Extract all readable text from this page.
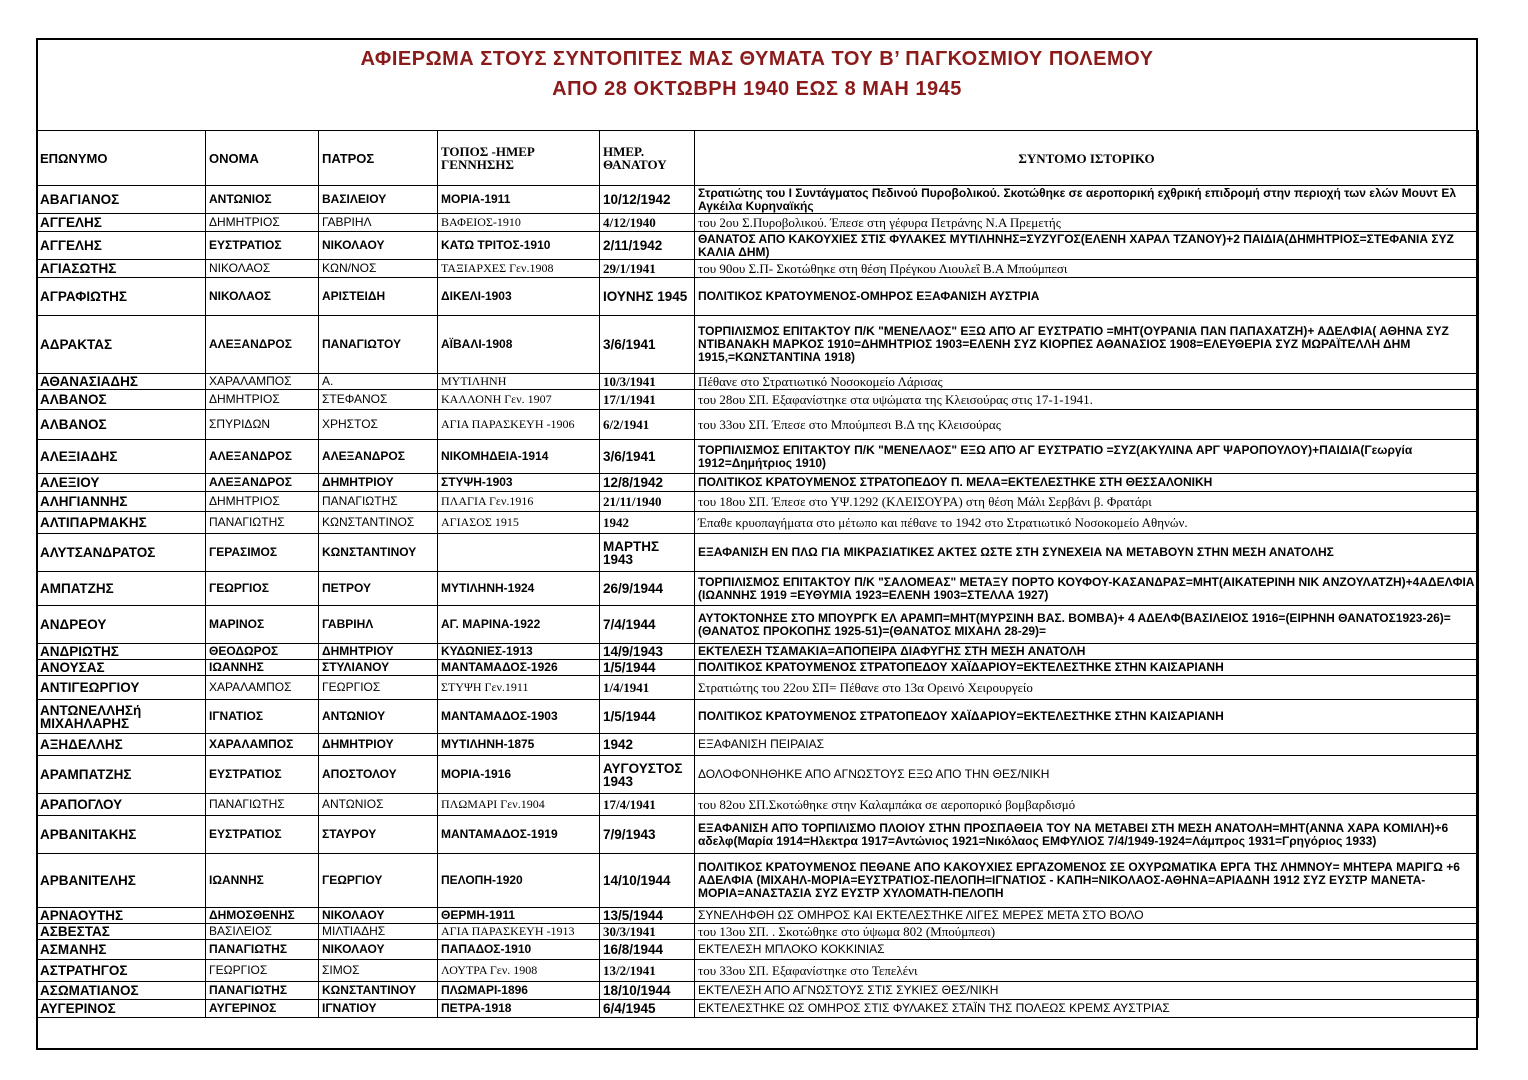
ΑΦΙΕΡΩΜΑ ΣΤΟΥΣ ΣΥΝΤΟΠΙΤΕΣ ΜΑΣ ΘΥΜΑΤΑ ΤΟΥ Β’ ΠΑΓΚΟΣΜΙΟΥ ΠΟΛΕΜΟΥ
ΑΠΟ 28 ΟΚΤΩΒΡΗ 1940 ΕΩΣ 8 ΜΑΗ 1945
ΕΠΩΝΥΜΟ	ΟΝΟΜΑ	ΠΑΤΡΟΣ	ΤΟΠΟΣ -ΗΜΕΡ ΓΕΝΝΗΣΗΣ	ΗΜΕΡ. ΘΑΝΑΤΟΥ	ΣΥΝΤΟΜΟ ΙΣΤΟΡΙΚΟ
ΑΒΑΓΙΑΝΟΣ	ΑΝΤΩΝΙΟΣ	ΒΑΣΙΛΕΙΟΥ	ΜΟΡΙΑ-1911	10/12/1942	Στρατιώτης του Ι Συντάγματος Πεδινού Πυροβολικού. Σκοτώθηκε σε αεροπορική εχθρική επιδρομή στην περιοχή των ελών Μουντ Ελ Αγκέιλα Κυρηναϊκής
ΑΓΓΕΛΗΣ	ΔΗΜΗΤΡΙΟΣ	ΓΑΒΡΙΗΛ	ΒΑΦΕΙΟΣ-1910	4/12/1940	του 2ου Σ.Πυροβολικού. Έπεσε στη γέφυρα Πετράνης Ν.Α Πρεμετής
ΑΓΓΕΛΗΣ	ΕΥΣΤΡΑΤΙΟΣ	ΝΙΚΟΛΑΟΥ	ΚΑΤΩ ΤΡΙΤΟΣ-1910	2/11/1942	ΘΑΝΑΤΟΣ ΑΠΟ ΚΑΚΟΥΧΙΕΣ ΣΤΙΣ ΦΥΛΑΚΕΣ ΜΥΤΙΛΗΝΗΣ=ΣΥΖΥΓΟΣ(ΕΛΕΝΗ ΧΑΡΑΛ ΤΖΑΝΟΥ)+2 ΠΑΙΔΙΑ(ΔΗΜΗΤΡΙΟΣ=ΣΤΕΦΑΝΙΑ ΣΥΖ ΚΑΛΙΑ ΔΗΜ)
ΑΓΙΑΣΩΤΗΣ	ΝΙΚΟΛΑΟΣ	ΚΩΝ/ΝΟΣ	ΤΑΞΙΑΡΧΕΣ Γεν.1908	29/1/1941	του 90ου Σ.Π- Σκοτώθηκε στη θέση Πρέγκου Λιουλεΐ Β.Α Μπούμπεσι
ΑΓΡΑΦΙΩΤΗΣ	ΝΙΚΟΛΑΟΣ	ΑΡΙΣΤΕΙΔΗ	ΔΙΚΕΛΙ-1903	ΙΟΥΝΗΣ 1945	ΠΟΛΙΤΙΚΟΣ ΚΡΑΤΟΥΜΕΝΟΣ-ΟΜΗΡΟΣ ΕΞΑΦΑΝΙΣΗ ΑΥΣΤΡΙΑ
ΑΔΡΑΚΤΑΣ	ΑΛΕΞΑΝΔΡΟΣ	ΠΑΝΑΓΙΩΤΟΥ	ΑΪΒΑΛΙ-1908	3/6/1941	ΤΟΡΠΙΛΙΣΜΟΣ ΕΠΙΤΑΚΤΟΥ Π/Κ "ΜΕΝΕΛΑΟΣ" ΕΞΩ ΑΠΌ ΑΓ ΕΥΣΤΡΑΤΙΟ =ΜΗΤ(ΟΥΡΑΝΙΑ ΠΑΝ ΠΑΠΑΧΑΤΖΗ)+ ΑΔΕΛΦΙΑ( ΑΘΗΝΑ ΣΥΖ ΝΤΙΒΑΝΑΚΗ ΜΑΡΚΟΣ 1910=ΔΗΜΗΤΡΙΟΣ 1903=ΕΛΕΝΗ ΣΥΖ ΚΙΟΡΠΕΣ ΑΘΑΝΑΣΙΟΣ 1908=ΕΛΕΥΘΕΡΙΑ ΣΥΖ ΜΩΡΑΪΤΕΛΛΗ ΔΗΜ 1915,=ΚΩΝΣΤΑΝΤΙΝΑ 1918)
ΑΘΑΝΑΣΙΑΔΗΣ	ΧΑΡΑΛΑΜΠΟΣ	Α.	ΜΥΤΙΛΗΝΗ	10/3/1941	Πέθανε στο Στρατιωτικό Νοσοκομείο Λάρισας
ΑΛΒΑΝΟΣ	ΔΗΜΗΤΡΙΟΣ	ΣΤΕΦΑΝΟΣ	ΚΑΛΛΟΝΗ Γεν. 1907	17/1/1941	του 28ου ΣΠ. Εξαφανίστηκε στα υψώματα της Κλεισούρας στις 17-1-1941.
ΑΛΒΑΝΟΣ	ΣΠΥΡΙΔΩΝ	ΧΡΗΣΤΟΣ	ΑΓΙΑ ΠΑΡΑΣΚΕΥΗ -1906	6/2/1941	του 33ου ΣΠ. Έπεσε στο Μπούμπεσι Β.Δ της Κλεισούρας
ΑΛΕΞΙΑΔΗΣ	ΑΛΕΞΑΝΔΡΟΣ	ΑΛΕΞΑΝΔΡΟΣ	ΝΙΚΟΜΗΔΕΙΑ-1914	3/6/1941	ΤΟΡΠΙΛΙΣΜΟΣ ΕΠΙΤΑΚΤΟΥ Π/Κ "ΜΕΝΕΛΑΟΣ" ΕΞΩ ΑΠΌ ΑΓ ΕΥΣΤΡΑΤΙΟ =ΣΥΖ(ΑΚΥΛΙΝΑ ΑΡΓ ΨΑΡΟΠΟΥΛΟΥ)+ΠΑΙΔΙΑ(Γεωργία 1912=Δημήτριος 1910)
ΑΛΕΞΙΟΥ	ΑΛΕΞΑΝΔΡΟΣ	ΔΗΜΗΤΡΙΟΥ	ΣΤΥΨΗ-1903	12/8/1942	ΠΟΛΙΤΙΚΟΣ ΚΡΑΤΟΥΜΕΝΟΣ ΣΤΡΑΤΟΠΕΔΟΥ Π. ΜΕΛΑ=ΕΚΤΕΛΕΣΤΗΚΕ ΣΤΗ ΘΕΣΣΑΛΟΝΙΚΗ
ΑΛΗΓΙΑΝΝΗΣ	ΔΗΜΗΤΡΙΟΣ	ΠΑΝΑΓΙΩΤΗΣ	ΠΛΑΓΙΑ Γεν.1916	21/11/1940	του 18ου ΣΠ. Έπεσε στο ΥΨ.1292 (ΚΛΕΙΣΟΥΡΑ) στη θέση Μάλι Σερβάνι β. Φρατάρι
ΑΛΤΙΠΑΡΜΑΚΗΣ	ΠΑΝΑΓΙΩΤΗΣ	ΚΩΝΣΤΑΝΤΙΝΟΣ	ΑΓΙΑΣΟΣ 1915	1942	Έπαθε κρυοπαγήματα στο μέτωπο και πέθανε το 1942 στο Στρατιωτικό Νοσοκομείο Αθηνών.
ΑΛΥΤΣΑΝΔΡΑΤΟΣ	ΓΕΡΑΣΙΜΟΣ	ΚΩΝΣΤΑΝΤΙΝΟΥ		ΜΑΡΤΗΣ 1943	ΕΞΑΦΑΝΙΣΗ ΕΝ ΠΛΩ ΓΙΑ ΜΙΚΡΑΣΙΑΤΙΚΕΣ ΑΚΤΕΣ ΩΣΤΕ ΣΤΗ ΣΥΝΕΧΕΙΑ ΝΑ ΜΕΤΑΒΟΥΝ ΣΤΗΝ ΜΕΣΗ ΑΝΑΤΟΛΗΣ
ΑΜΠΑΤΖΗΣ	ΓΕΩΡΓΙΟΣ	ΠΕΤΡΟΥ	ΜΥΤΙΛΗΝΗ-1924	26/9/1944	ΤΟΡΠΙΛΙΣΜΟΣ ΕΠΙΤΑΚΤΟΥ Π/Κ "ΣΑΛΟΜΕΑΣ" ΜΕΤΑΞΥ ΠΟΡΤΟ ΚΟΥΦΟΥ-ΚΑΣΑΝΔΡΑΣ=ΜΗΤ(ΑΙΚΑΤΕΡΙΝΗ ΝΙΚ ΑΝΖΟΥΛΑΤΖΗ)+4ΑΔΕΛΦΙΑ (ΙΩΑΝΝΗΣ 1919 =ΕΥΘΥΜΙΑ 1923=ΕΛΕΝΗ 1903=ΣΤΕΛΛΑ 1927)
ΑΝΔΡΕΟΥ	ΜΑΡΙΝΟΣ	ΓΑΒΡΙΗΛ	ΑΓ. ΜΑΡΙΝΑ-1922	7/4/1944	ΑΥΤΟΚΤΟΝΗΣΕ ΣΤΟ ΜΠΟΥΡΓΚ ΕΛ ΑΡΑΜΠ=ΜΗΤ(ΜΥΡΣΙΝΗ ΒΑΣ. ΒΟΜΒΑ)+ 4 ΑΔΕΛΦ(ΒΑΣΙΛΕΙΟΣ 1916=(ΕΙΡΗΝΗ ΘΑΝΑΤΟΣ1923-26)=(ΘΑΝΑΤΟΣ ΠΡΟΚΟΠΗΣ 1925-51)=(ΘΑΝΑΤΟΣ ΜΙΧΑΗΛ 28-29)=
ΑΝΔΡΙΩΤΗΣ	ΘΕΟΔΩΡΟΣ	ΔΗΜΗΤΡΙΟΥ	ΚΥΔΩΝΙΕΣ-1913	14/9/1943	ΕΚΤΕΛΕΣΗ ΤΣΑΜΑΚΙΑ=ΑΠΟΠΕΙΡΑ ΔΙΑΦΥΓΗΣ ΣΤΗ ΜΕΣΗ ΑΝΑΤΟΛΗ
ΑΝΟΥΣΑΣ	ΙΩΑΝΝΗΣ	ΣΤΥΛΙΑΝΟΥ	ΜΑΝΤΑΜΑΔΟΣ-1926	1/5/1944	ΠΟΛΙΤΙΚΟΣ ΚΡΑΤΟΥΜΕΝΟΣ ΣΤΡΑΤΟΠΕΔΟΥ ΧΑΪΔΑΡΙΟΥ=ΕΚΤΕΛΕΣΤΗΚΕ ΣΤΗΝ ΚΑΙΣΑΡΙΑΝΗ
ΑΝΤΙΓΕΩΡΓΙΟΥ	ΧΑΡΑΛΑΜΠΟΣ	ΓΕΩΡΓΙΟΣ	ΣΤΥΨΗ Γεν.1911	1/4/1941	Στρατιώτης του 22ου ΣΠ= Πέθανε στο 13α Ορεινό Χειρουργείο
ΑΝΤΩΝΕΛΛΗΣή ΜΙΧΑΗΛΑΡΗΣ	ΙΓΝΑΤΙΟΣ	ΑΝΤΩΝΙΟΥ	ΜΑΝΤΑΜΑΔΟΣ-1903	1/5/1944	ΠΟΛΙΤΙΚΟΣ ΚΡΑΤΟΥΜΕΝΟΣ ΣΤΡΑΤΟΠΕΔΟΥ ΧΑΪΔΑΡΙΟΥ=ΕΚΤΕΛΕΣΤΗΚΕ ΣΤΗΝ ΚΑΙΣΑΡΙΑΝΗ
ΑΞΗΔΕΛΛΗΣ	ΧΑΡΑΛΑΜΠΟΣ	ΔΗΜΗΤΡΙΟΥ	ΜΥΤΙΛΗΝΗ-1875	1942	ΕΞΑΦΑΝΙΣΗ ΠΕΙΡΑΙΑΣ
ΑΡΑΜΠΑΤΖΗΣ	ΕΥΣΤΡΑΤΙΟΣ	ΑΠΟΣΤΟΛΟΥ	ΜΟΡΙΑ-1916	ΑΥΓΟΥΣΤΟΣ 1943	ΔΟΛΟΦΟΝΗΘΗΚΕ ΑΠΟ ΑΓΝΩΣΤΟΥΣ ΕΞΩ ΑΠΟ ΤΗΝ ΘΕΣ/ΝΙΚΗ
ΑΡΑΠΟΓΛΟΥ	ΠΑΝΑΓΙΩΤΗΣ	ΑΝΤΩΝΙΟΣ	ΠΛΩΜΑΡΙ Γεν.1904	17/4/1941	του 82ου ΣΠ.Σκοτώθηκε στην Καλαμπάκα σε αεροπορικό βομβαρδισμό
ΑΡΒΑΝΙΤΑΚΗΣ	ΕΥΣΤΡΑΤΙΟΣ	ΣΤΑΥΡΟΥ	ΜΑΝΤΑΜΑΔΟΣ-1919	7/9/1943	ΕΞΑΦΑΝΙΣΗ ΑΠΌ ΤΟΡΠΙΛΙΣΜΟ ΠΛΟΙΟΥ ΣΤΗΝ ΠΡΟΣΠΑΘΕΙΑ ΤΟΥ ΝΑ ΜΕΤΑΒΕΙ ΣΤΗ ΜΕΣΗ ΑΝΑΤΟΛΗ=ΜΗΤ(ΑΝΝΑ ΧΑΡΑ ΚΟΜΙΛΗ)+6 αδελφ(Μαρία 1914=Ηλεκτρα 1917=Αντώνιος 1921=Νικόλαος ΕΜΦΥΛΙΟΣ 7/4/1949-1924=Λάμπρος 1931=Γρηγόριος 1933)
ΑΡΒΑΝΙΤΕΛΗΣ	ΙΩΑΝΝΗΣ	ΓΕΩΡΓΙΟΥ	ΠΕΛΟΠΗ-1920	14/10/1944	ΠΟΛΙΤΙΚΟΣ ΚΡΑΤΟΥΜΕΝΟΣ ΠΕΘΑΝΕ ΑΠΟ ΚΑΚΟΥΧΙΕΣ ΕΡΓΑΖΟΜΕΝΟΣ ΣΕ ΟΧΥΡΩΜΑΤΙΚΑ ΕΡΓΑ ΤΗΣ ΛΗΜΝΟΥ= ΜΗΤΕΡΑ ΜΑΡΙΓΩ +6 ΑΔΕΛΦΙΑ (ΜΙΧΑΗΛ-ΜΟΡΙΑ=ΕΥΣΤΡΑΤΙΟΣ-ΠΕΛΟΠΗ=ΙΓΝΑΤΙΟΣ - ΚΑΠΗ=ΝΙΚΟΛΑΟΣ-ΑΘΗΝΑ=ΑΡΙΑΔΝΗ 1912 ΣΥΖ ΕΥΣΤΡ ΜΑΝΕΤΑ-ΜΟΡΙΑ=ΑΝΑΣΤΑΣΙΑ ΣΥΖ ΕΥΣΤΡ ΧΥΛΟΜΑΤΗ-ΠΕΛΟΠΗ
ΑΡΝΑΟΥΤΗΣ	ΔΗΜΟΣΘΕΝΗΣ	ΝΙΚΟΛΑΟΥ	ΘΕΡΜΗ-1911	13/5/1944	ΣΥΝΕΛΗΦΘΗ ΩΣ ΟΜΗΡΟΣ ΚΑΙ ΕΚΤΕΛΕΣΤΗΚΕ ΛΙΓΕΣ ΜΕΡΕΣ ΜΕΤΑ ΣΤΟ ΒΟΛΟ
ΑΣΒΕΣΤΑΣ	ΒΑΣΙΛΕΙΟΣ	ΜΙΛΤΙΑΔΗΣ	ΑΓΙΑ ΠΑΡΑΣΚΕΥΗ -1913	30/3/1941	του 13ου ΣΠ. . Σκοτώθηκε στο ύψωμα 802 (Μπούμπεσι)
ΑΣΜΑΝΗΣ	ΠΑΝΑΓΙΩΤΗΣ	ΝΙΚΟΛΑΟΥ	ΠΑΠΑΔΟΣ-1910	16/8/1944	ΕΚΤΕΛΕΣΗ ΜΠΛΟΚΟ ΚΟΚΚΙΝΙΑΣ
ΑΣΤΡΑΤΗΓΟΣ	ΓΕΩΡΓΙΟΣ	ΣΙΜΟΣ	ΛΟΥΤΡΑ Γεν. 1908	13/2/1941	του 33ου ΣΠ. Εξαφανίστηκε στο Τεπελένι
ΑΣΩΜΑΤΙΑΝΟΣ	ΠΑΝΑΓΙΩΤΗΣ	ΚΩΝΣΤΑΝΤΙΝΟΥ	ΠΛΩΜΑΡΙ-1896	18/10/1944	ΕΚΤΕΛΕΣΗ ΑΠΟ ΑΓΝΩΣΤΟΥΣ ΣΤΙΣ ΣΥΚΙΕΣ ΘΕΣ/ΝΙΚΗ
ΑΥΓΕΡΙΝΟΣ	ΑΥΓΕΡΙΝΟΣ	ΙΓΝΑΤΙΟΥ	ΠΕΤΡΑ-1918	6/4/1945	ΕΚΤΕΛΕΣΤΗΚΕ ΩΣ ΟΜΗΡΟΣ ΣΤΙΣ ΦΥΛΑΚΕΣ ΣΤΑΪΝ ΤΗΣ ΠΟΛΕΩΣ ΚΡΕΜΣ ΑΥΣΤΡΙΑΣ
